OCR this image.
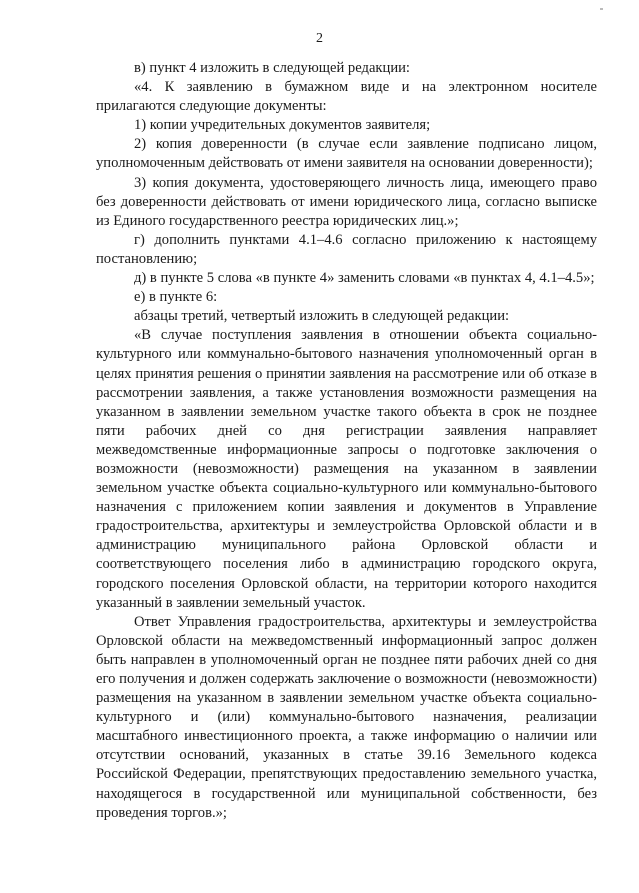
2

в) пункт 4 изложить в следующей редакции:

«4. К заявлению в бумажном виде и на электронном носителе прилагаются следующие документы:

1) копии учредительных документов заявителя;

2) копия доверенности (в случае если заявление подписано лицом, уполномоченным действовать от имени заявителя на основании доверенности);

3) копия документа, удостоверяющего личность лица, имеющего право без доверенности действовать от имени юридического лица, согласно выписке из Единого государственного реестра юридических лиц.»;

г) дополнить пунктами 4.1–4.6 согласно приложению к настоящему постановлению;

д) в пункте 5 слова «в пункте 4» заменить словами «в пунктах 4, 4.1–4.5»;

е) в пункте 6:

абзацы третий, четвертый изложить в следующей редакции:

«В случае поступления заявления в отношении объекта социально-культурного или коммунально-бытового назначения уполномоченный орган в целях принятия решения о принятии заявления на рассмотрение или об отказе в рассмотрении заявления, а также установления возможности размещения на указанном в заявлении земельном участке такого объекта в срок не позднее пяти рабочих дней со дня регистрации заявления направляет межведомственные информационные запросы о подготовке заключения о возможности (невозможности) размещения на указанном в заявлении земельном участке объекта социально-культурного или коммунально-бытового назначения с приложением копии заявления и документов в Управление градостроительства, архитектуры и землеустройства Орловской области и в администрацию муниципального района Орловской области и соответствующего поселения либо в администрацию городского округа, городского поселения Орловской области, на территории которого находится указанный в заявлении земельный участок.

Ответ Управления градостроительства, архитектуры и землеустройства Орловской области на межведомственный информационный запрос должен быть направлен в уполномоченный орган не позднее пяти рабочих дней со дня его получения и должен содержать заключение о возможности (невозможности) размещения на указанном в заявлении земельном участке объекта социально-культурного и (или) коммунально-бытового назначения, реализации масштабного инвестиционного проекта, а также информацию о наличии или отсутствии оснований, указанных в статье 39.16 Земельного кодекса Российской Федерации, препятствующих предоставлению земельного участка, находящегося в государственной или муниципальной собственности, без проведения торгов.»;
